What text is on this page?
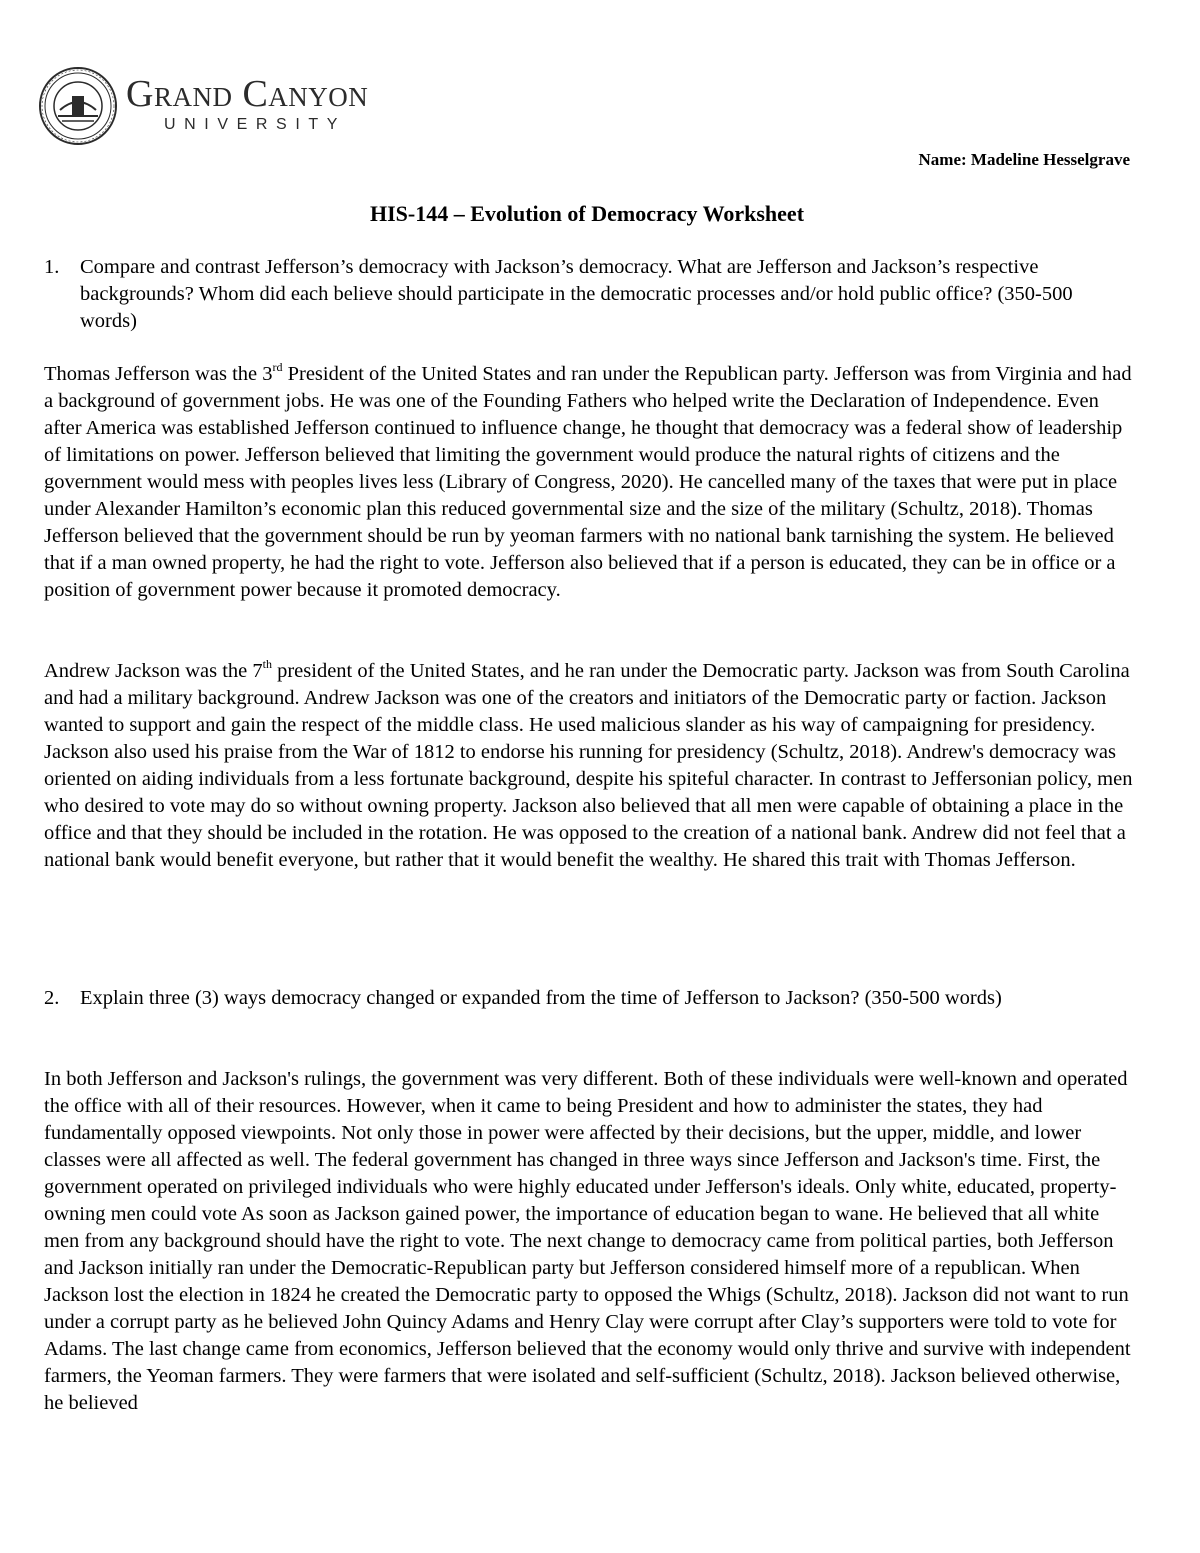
Grand Canyon
UNIVERSITY
Name: Madeline Hesselgrave
HIS-144 – Evolution of Democracy Worksheet
1.	Compare and contrast Jefferson’s democracy with Jackson’s democracy. What are Jefferson and Jackson’s respective backgrounds? Whom did each believe should participate in the democratic processes and/or hold public office? (350-500 words)

Thomas Jefferson was the 3rd President of the United States and ran under the Republican party. Jefferson was from Virginia and had a background of government jobs. He was one of the Founding Fathers who helped write the Declaration of Independence. Even after America was established Jefferson continued to influence change, he thought that democracy was a federal show of leadership of limitations on power. Jefferson believed that limiting the government would produce the natural rights of citizens and the government would mess with peoples lives less (Library of Congress, 2020). He cancelled many of the taxes that were put in place under Alexander Hamilton’s economic plan this reduced governmental size and the size of the military (Schultz, 2018). Thomas Jefferson believed that the government should be run by yeoman farmers with no national bank tarnishing the system. He believed that if a man owned property, he had the right to vote. Jefferson also believed that if a person is educated, they can be in office or a position of government power because it promoted democracy.

Andrew Jackson was the 7th president of the United States, and he ran under the Democratic party. Jackson was from South Carolina and had a military background. Andrew Jackson was one of the creators and initiators of the Democratic party or faction. Jackson wanted to support and gain the respect of the middle class. He used malicious slander as his way of campaigning for presidency. Jackson also used his praise from the War of 1812 to endorse his running for presidency (Schultz, 2018). Andrew's democracy was oriented on aiding individuals from a less fortunate background, despite his spiteful character. In contrast to Jeffersonian policy, men who desired to vote may do so without owning property. Jackson also believed that all men were capable of obtaining a place in the office and that they should be included in the rotation. He was opposed to the creation of a national bank. Andrew did not feel that a national bank would benefit everyone, but rather that it would benefit the wealthy. He shared this trait with Thomas Jefferson.

2.	Explain three (3) ways democracy changed or expanded from the time of Jefferson to Jackson? (350-500 words)

In both Jefferson and Jackson's rulings, the government was very different. Both of these individuals were well-known and operated the office with all of their resources. However, when it came to being President and how to administer the states, they had fundamentally opposed viewpoints. Not only those in power were affected by their decisions, but the upper, middle, and lower classes were all affected as well. The federal government has changed in three ways since Jefferson and Jackson's time. First, the government operated on privileged individuals who were highly educated under Jefferson's ideals. Only white, educated, property-owning men could vote As soon as Jackson gained power, the importance of education began to wane. He believed that all white men from any background should have the right to vote. The next change to democracy came from political parties, both Jefferson and Jackson initially ran under the Democratic-Republican party but Jefferson considered himself more of a republican. When Jackson lost the election in 1824 he created the Democratic party to opposed the Whigs (Schultz, 2018). Jackson did not want to run under a corrupt party as he believed John Quincy Adams and Henry Clay were corrupt after Clay’s supporters were told to vote for Adams. The last change came from economics, Jefferson believed that the economy would only thrive and survive with independent farmers, the Yeoman farmers. They were farmers that were isolated and self-sufficient (Schultz, 2018). Jackson believed otherwise, he believed
